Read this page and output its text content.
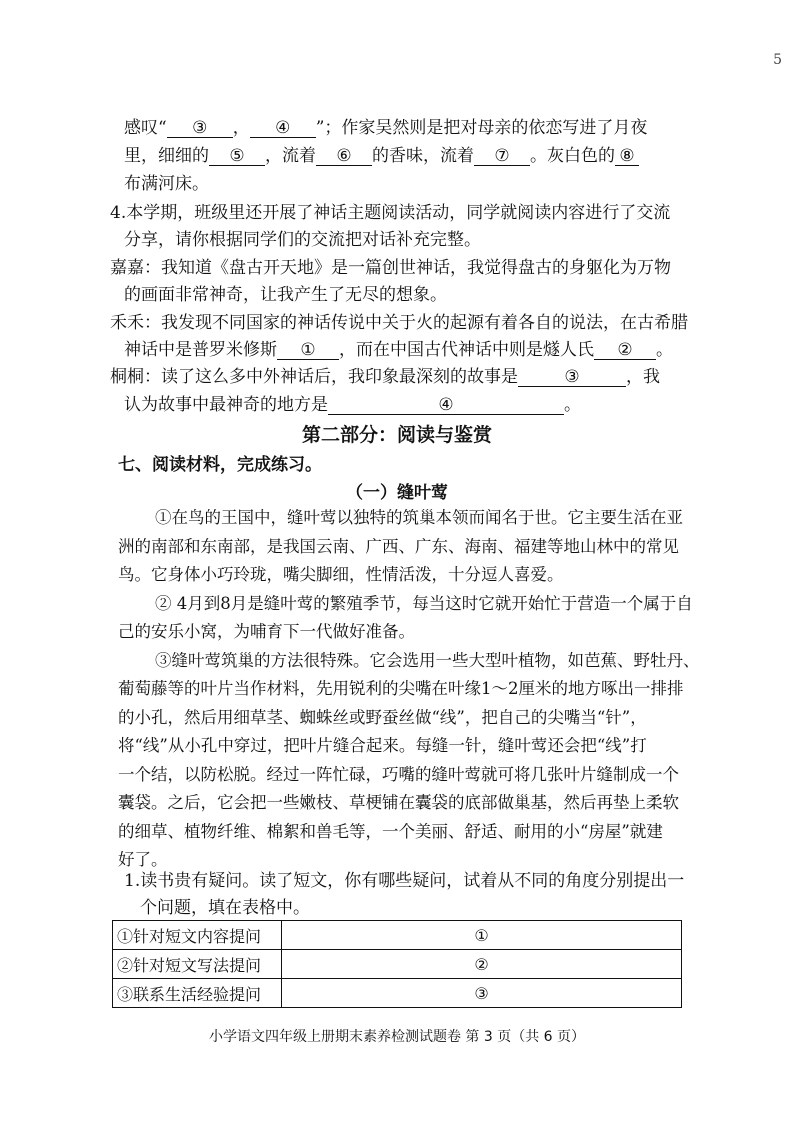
5
感叹“ ③ ， ④ ”；作家吴然则是把对母亲的依恋写进了月夜
里，细细的 ⑤ ，流着 ⑥ 的香味，流着 ⑦ 。灰白色的 ⑧
布满河床。
4.本学期，班级里还开展了神话主题阅读活动，同学就阅读内容进行了交流
分享，请你根据同学们的交流把对话补充完整。
嘉嘉：我知道《盘古开天地》是一篇创世神话，我觉得盘古的身躯化为万物
的画面非常神奇，让我产生了无尽的想象。
禾禾：我发现不同国家的神话传说中关于火的起源有着各自的说法，在古希腊
神话中是普罗米修斯 ① ，而在中国古代神话中则是燧人氏 ② 。
桐桐：读了这么多中外神话后，我印象最深刻的故事是	③	，我
认为故事中最神奇的地方是	④	。
第二部分：阅读与鉴赏
七、阅读材料，完成练习。
（一）缝叶莺
①在鸟的王国中，缝叶莺以独特的筑巢本领而闻名于世。它主要生活在亚
洲的南部和东南部，是我国云南、广西、广东、海南、福建等地山林中的常见
鸟。它身体小巧玲珑，嘴尖脚细，性情活泼，十分逗人喜爱。
② 4月到8月是缝叶莺的繁殖季节，每当这时它就开始忙于营造一个属于自
己的安乐小窝，为哺育下一代做好准备。
③缝叶莺筑巢的方法很特殊。它会选用一些大型叶植物，如芭蕉、野牡丹、
葡萄藤等的叶片当作材料，先用锐利的尖嘴在叶缘1～2厘米的地方啄出一排排
的小孔，然后用细草茎、蜘蛛丝或野蚕丝做“线”，把自己的尖嘴当“针”，
将“线”从小孔中穿过，把叶片缝合起来。每缝一针，缝叶莺还会把“线”打
一个结，以防松脱。经过一阵忙碌，巧嘴的缝叶莺就可将几张叶片缝制成一个
囊袋。之后，它会把一些嫩枝、草梗铺在囊袋的底部做巢基，然后再垫上柔软
的细草、植物纤维、棉絮和兽毛等，一个美丽、舒适、耐用的小“房屋”就建
好了。
1.读书贵有疑问。读了短文，你有哪些疑问，试着从不同的角度分别提出一
个问题，填在表格中。
①针对短文内容提问	①
②针对短文写法提问	②
③联系生活经验提问	③
小学语文四年级上册期末素养检测试题卷 第 3 页（共 6 页）
